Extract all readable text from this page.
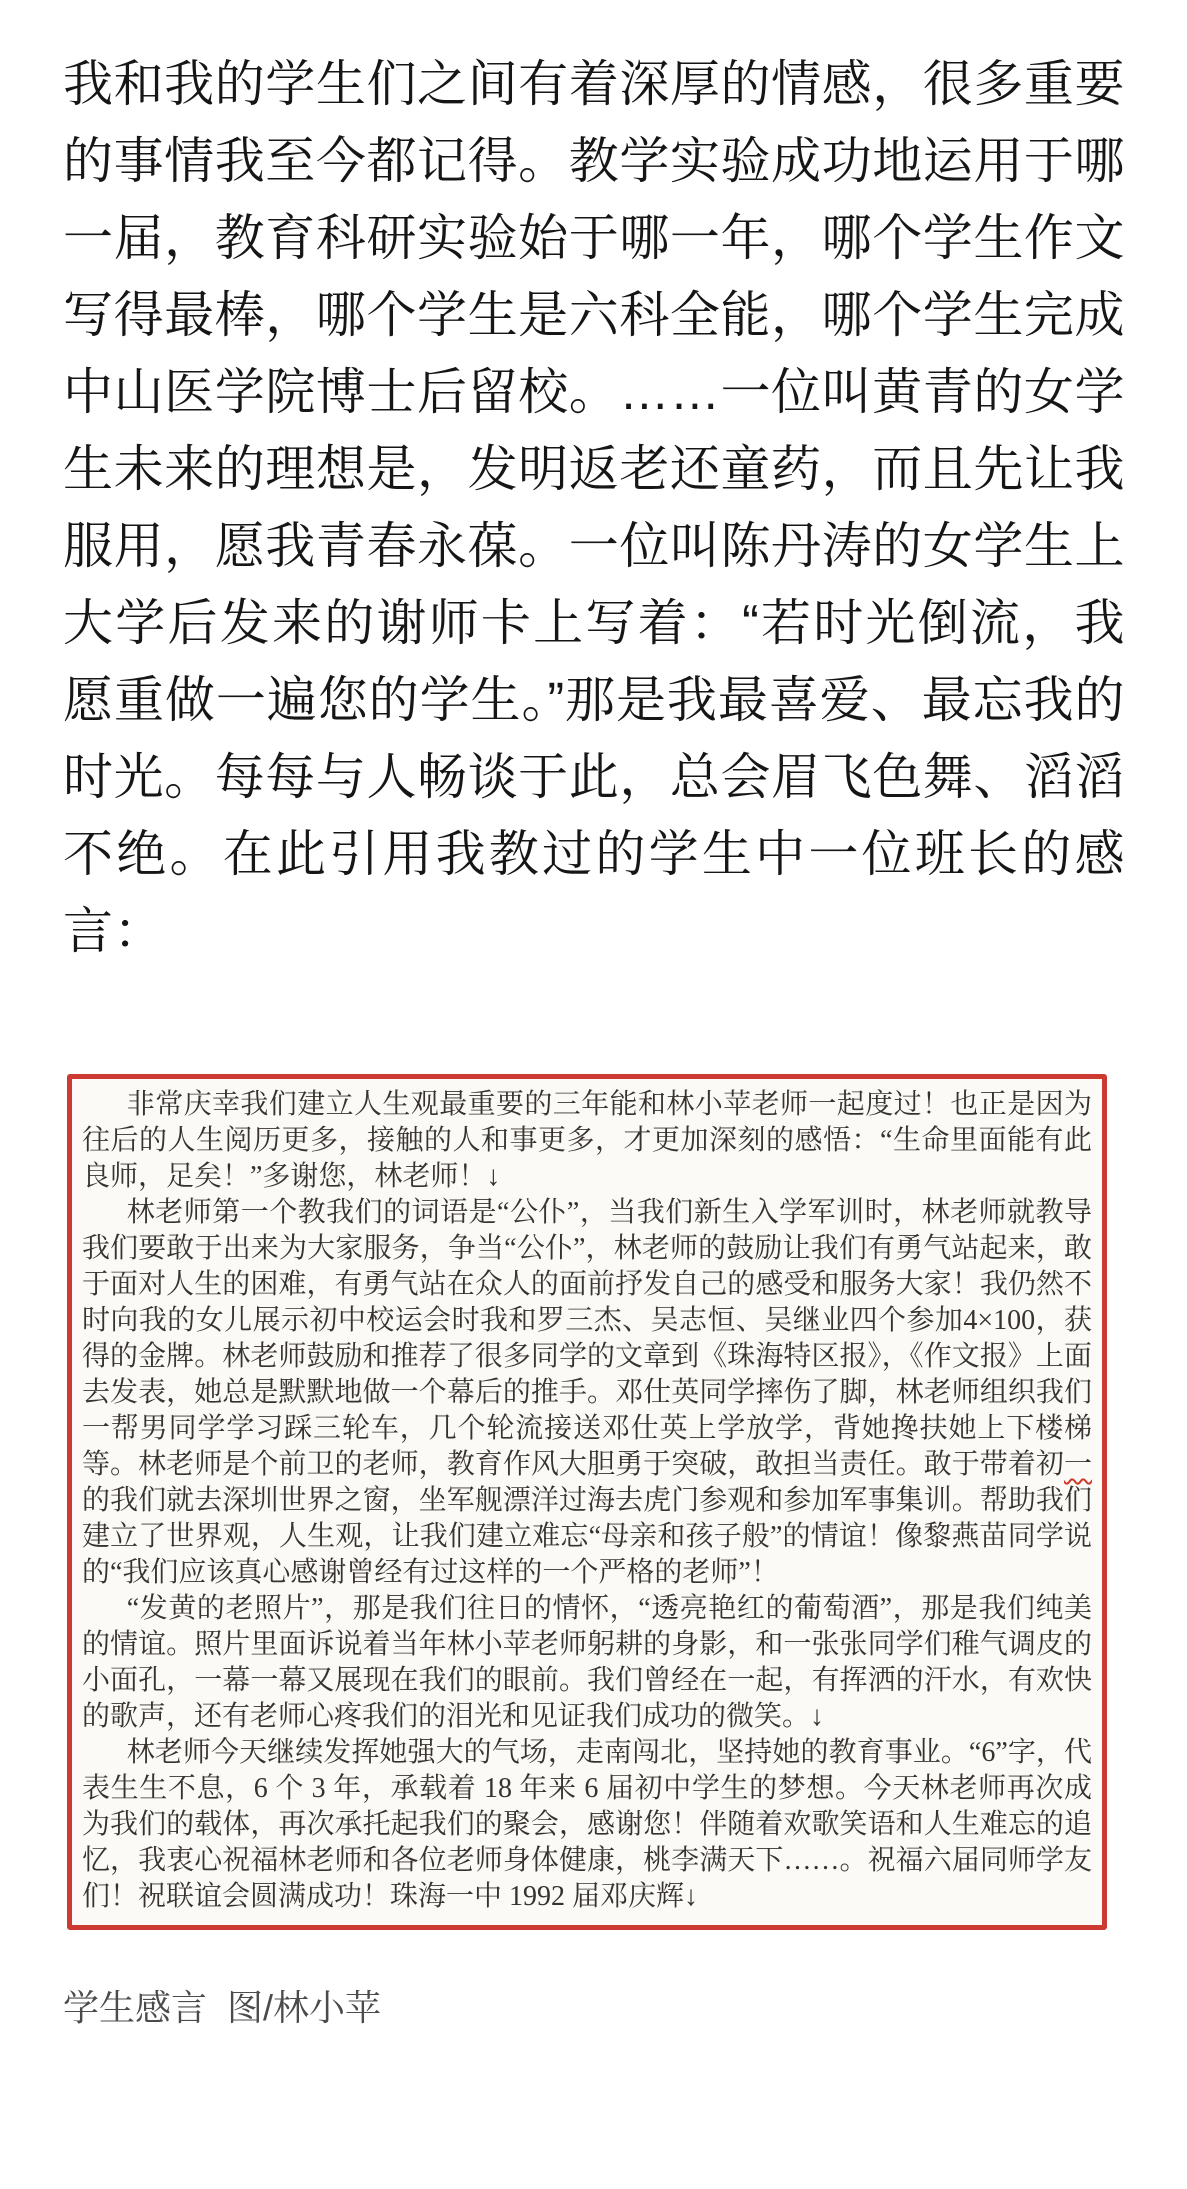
我和我的学生们之间有着深厚的情感，很多重要的事情我至今都记得。教学实验成功地运用于哪一届，教育科研实验始于哪一年，哪个学生作文写得最棒，哪个学生是六科全能，哪个学生完成中山医学院博士后留校。……一位叫黄青的女学生未来的理想是，发明返老还童药，而且先让我服用，愿我青春永葆。一位叫陈丹涛的女学生上大学后发来的谢师卡上写着：“若时光倒流，我愿重做一遍您的学生。”那是我最喜爱、最忘我的时光。每每与人畅谈于此，总会眉飞色舞、滔滔不绝。在此引用我教过的学生中一位班长的感言：

非常庆幸我们建立人生观最重要的三年能和林小苹老师一起度过！也正是因为往后的人生阅历更多，接触的人和事更多，才更加深刻的感悟：“生命里面能有此良师，足矣！”多谢您，林老师！↓

林老师第一个教我们的词语是“公仆”，当我们新生入学军训时，林老师就教导我们要敢于出来为大家服务，争当“公仆”，林老师的鼓励让我们有勇气站起来，敢于面对人生的困难，有勇气站在众人的面前抒发自己的感受和服务大家！我仍然不时向我的女儿展示初中校运会时我和罗三杰、吴志恒、吴继业四个参加4×100，获得的金牌。林老师鼓励和推荐了很多同学的文章到《珠海特区报》，《作文报》上面去发表，她总是默默地做一个幕后的推手。邓仕英同学摔伤了脚，林老师组织我们一帮男同学学习踩三轮车，几个轮流接送邓仕英上学放学，背她搀扶她上下楼梯等。林老师是个前卫的老师，教育作风大胆勇于突破，敢担当责任。敢于带着初一的我们就去深圳世界之窗，坐军舰漂洋过海去虎门参观和参加军事集训。帮助我们建立了世界观，人生观，让我们建立难忘“母亲和孩子般”的情谊！像黎燕苗同学说的“我们应该真心感谢曾经有过这样的一个严格的老师”！

“发黄的老照片”，那是我们往日的情怀，“透亮艳红的葡萄酒”，那是我们纯美的情谊。照片里面诉说着当年林小苹老师躬耕的身影，和一张张同学们稚气调皮的小面孔，一幕一幕又展现在我们的眼前。我们曾经在一起，有挥洒的汗水，有欢快的歌声，还有老师心疼我们的泪光和见证我们成功的微笑。↓

林老师今天继续发挥她强大的气场，走南闯北，坚持她的教育事业。“6”字，代表生生不息，6 个 3 年，承载着 18 年来 6 届初中学生的梦想。今天林老师再次成为我们的载体，再次承托起我们的聚会，感谢您！伴随着欢歌笑语和人生难忘的追忆，我衷心祝福林老师和各位老师身体健康，桃李满天下……。祝福六届同师学友们！祝联谊会圆满成功！珠海一中 1992 届邓庆辉↓

学生感言  图/林小苹
